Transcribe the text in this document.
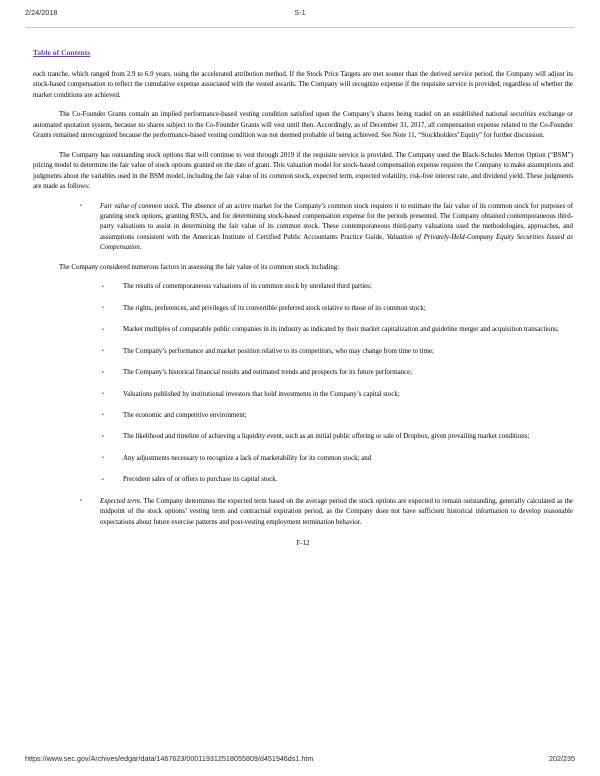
2/24/2018	S-1
Table of Contents

each tranche, which ranged from 2.9 to 6.9 years, using the accelerated attribution method. If the Stock Price Targets are met sooner than the derived service period, the Company will adjust its stock-based compensation to reflect the cumulative expense associated with the vested awards. The Company will recognize expense if the requisite service is provided, regardless of whether the market conditions are achieved.

The Co-Founder Grants contain an implied performance-based vesting condition satisfied upon the Company’s shares being traded on an established national securities exchange or automated quotation system, because no shares subject to the Co-Founder Grants will vest until then. Accordingly, as of December 31, 2017, all compensation expense related to the Co-Founder Grants remained unrecognized because the performance-based vesting condition was not deemed probable of being achieved. See Note 11, “Stockholders’ Equity” for further discussion.

The Company has outstanding stock options that will continue to vest through 2019 if the requisite service is provided. The Company used the Black-Scholes Merton Option (“BSM”) pricing model to determine the fair value of stock options granted on the date of grant. This valuation model for stock-based compensation expense requires the Company to make assumptions and judgments about the variables used in the BSM model, including the fair value of its common stock, expected term, expected volatility, risk-free interest rate, and dividend yield. These judgments are made as follows:

• Fair value of common stock. The absence of an active market for the Company’s common stock requires it to estimate the fair value of its common stock for purposes of granting stock options, granting RSUs, and for determining stock-based compensation expense for the periods presented. The Company obtained contemporaneous third-party valuations to assist in determining the fair value of its common stock. These contemporaneous third-party valuations used the methodologies, approaches, and assumptions consistent with the American Institute of Certified Public Accountants Practice Guide, Valuation of Privately-Held-Company Equity Securities Issued as Compensation.

The Company considered numerous factors in assessing the fair value of its common stock including:

• The results of contemporaneous valuations of its common stock by unrelated third parties;
• The rights, preferences, and privileges of its convertible preferred stock relative to those of its common stock;
• Market multiples of comparable public companies in its industry as indicated by their market capitalization and guideline merger and acquisition transactions;
• The Company’s performance and market position relative to its competitors, who may change from time to time;
• The Company’s historical financial results and estimated trends and prospects for its future performance;
• Valuations published by institutional investors that hold investments in the Company’s capital stock;
• The economic and competitive environment;
• The likelihood and timeline of achieving a liquidity event, such as an initial public offering or sale of Dropbox, given prevailing market conditions;
• Any adjustments necessary to recognize a lack of marketability for its common stock; and
• Precedent sales of or offers to purchase its capital stock.
• Expected term. The Company determines the expected term based on the average period the stock options are expected to remain outstanding, generally calculated as the midpoint of the stock options’ vesting term and contractual expiration period, as the Company does not have sufficient historical information to develop reasonable expectations about future exercise patterns and post-vesting employment termination behavior.

F-12

https://www.sec.gov/Archives/edgar/data/1467623/000119312518055809/d451946ds1.htm	202/235
